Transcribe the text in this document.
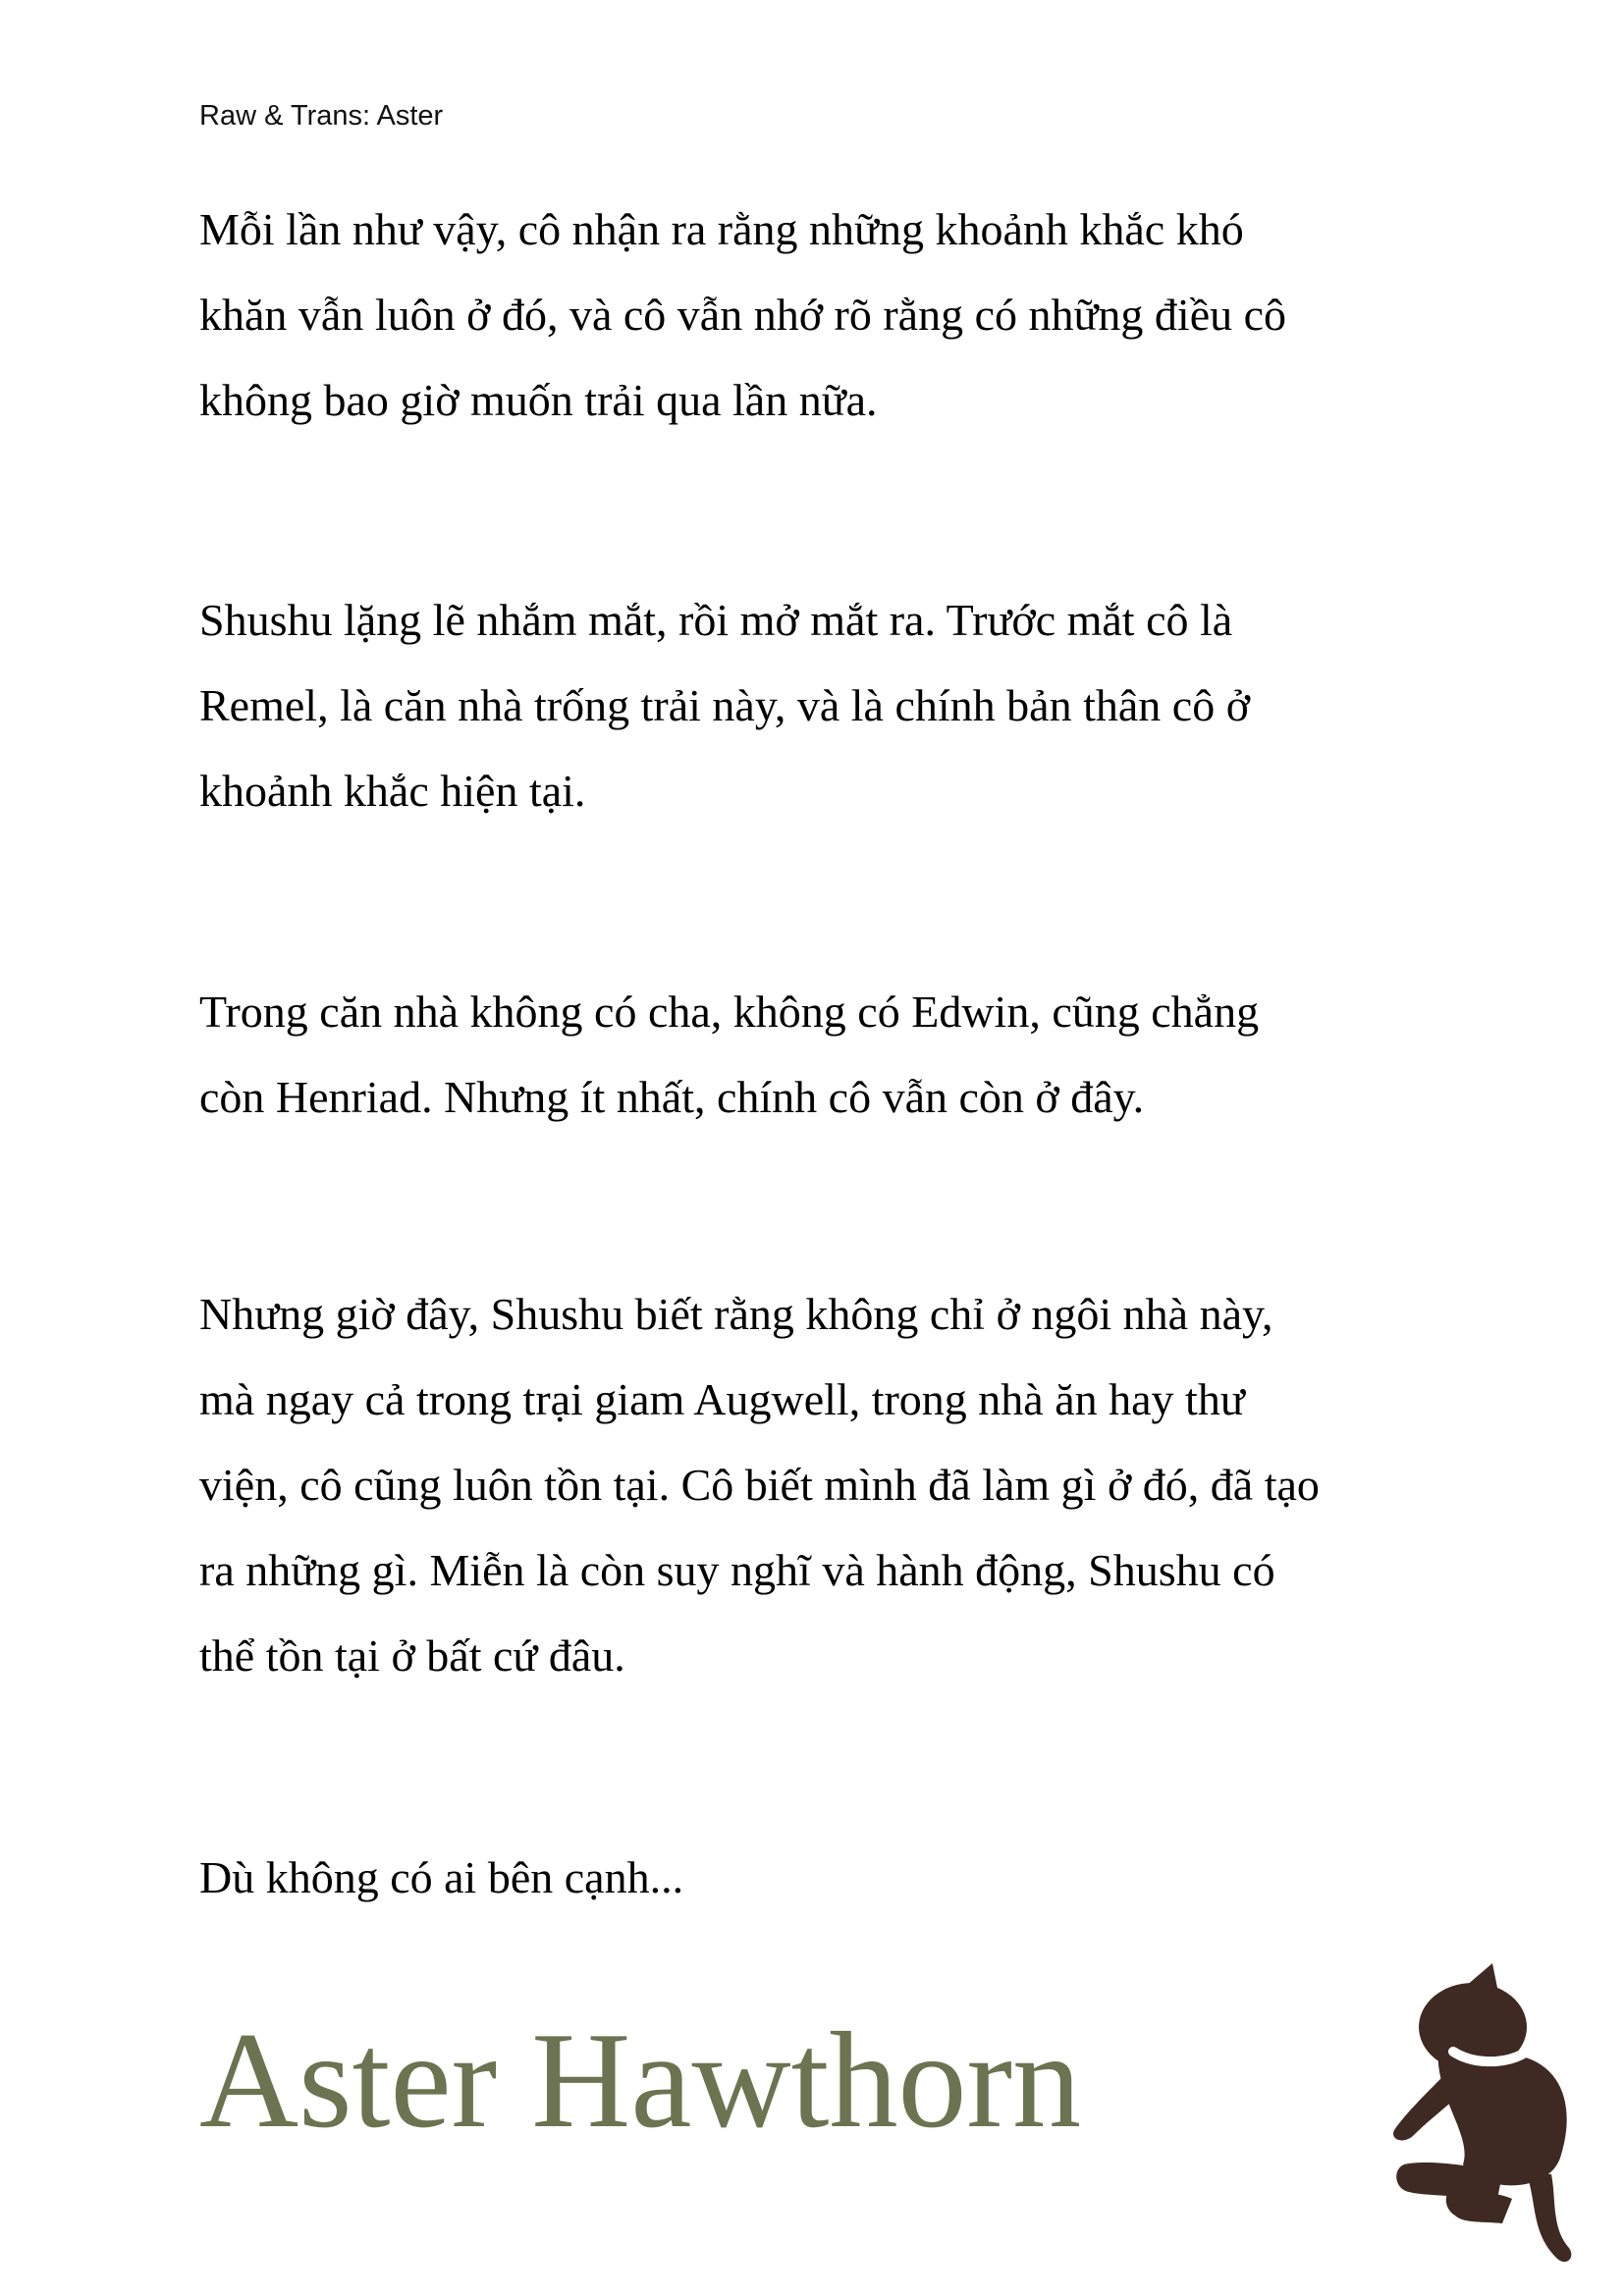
Raw & Trans: Aster
Mỗi lần như vậy, cô nhận ra rằng những khoảnh khắc khó
khăn vẫn luôn ở đó, và cô vẫn nhớ rõ rằng có những điều cô
không bao giờ muốn trải qua lần nữa.
Shushu lặng lẽ nhắm mắt, rồi mở mắt ra. Trước mắt cô là
Remel, là căn nhà trống trải này, và là chính bản thân cô ở
khoảnh khắc hiện tại.
Trong căn nhà không có cha, không có Edwin, cũng chẳng
còn Henriad. Nhưng ít nhất, chính cô vẫn còn ở đây.
Nhưng giờ đây, Shushu biết rằng không chỉ ở ngôi nhà này,
mà ngay cả trong trại giam Augwell, trong nhà ăn hay thư
viện, cô cũng luôn tồn tại. Cô biết mình đã làm gì ở đó, đã tạo
ra những gì. Miễn là còn suy nghĩ và hành động, Shushu có
thể tồn tại ở bất cứ đâu.
Dù không có ai bên cạnh...
Aster Hawthorn
